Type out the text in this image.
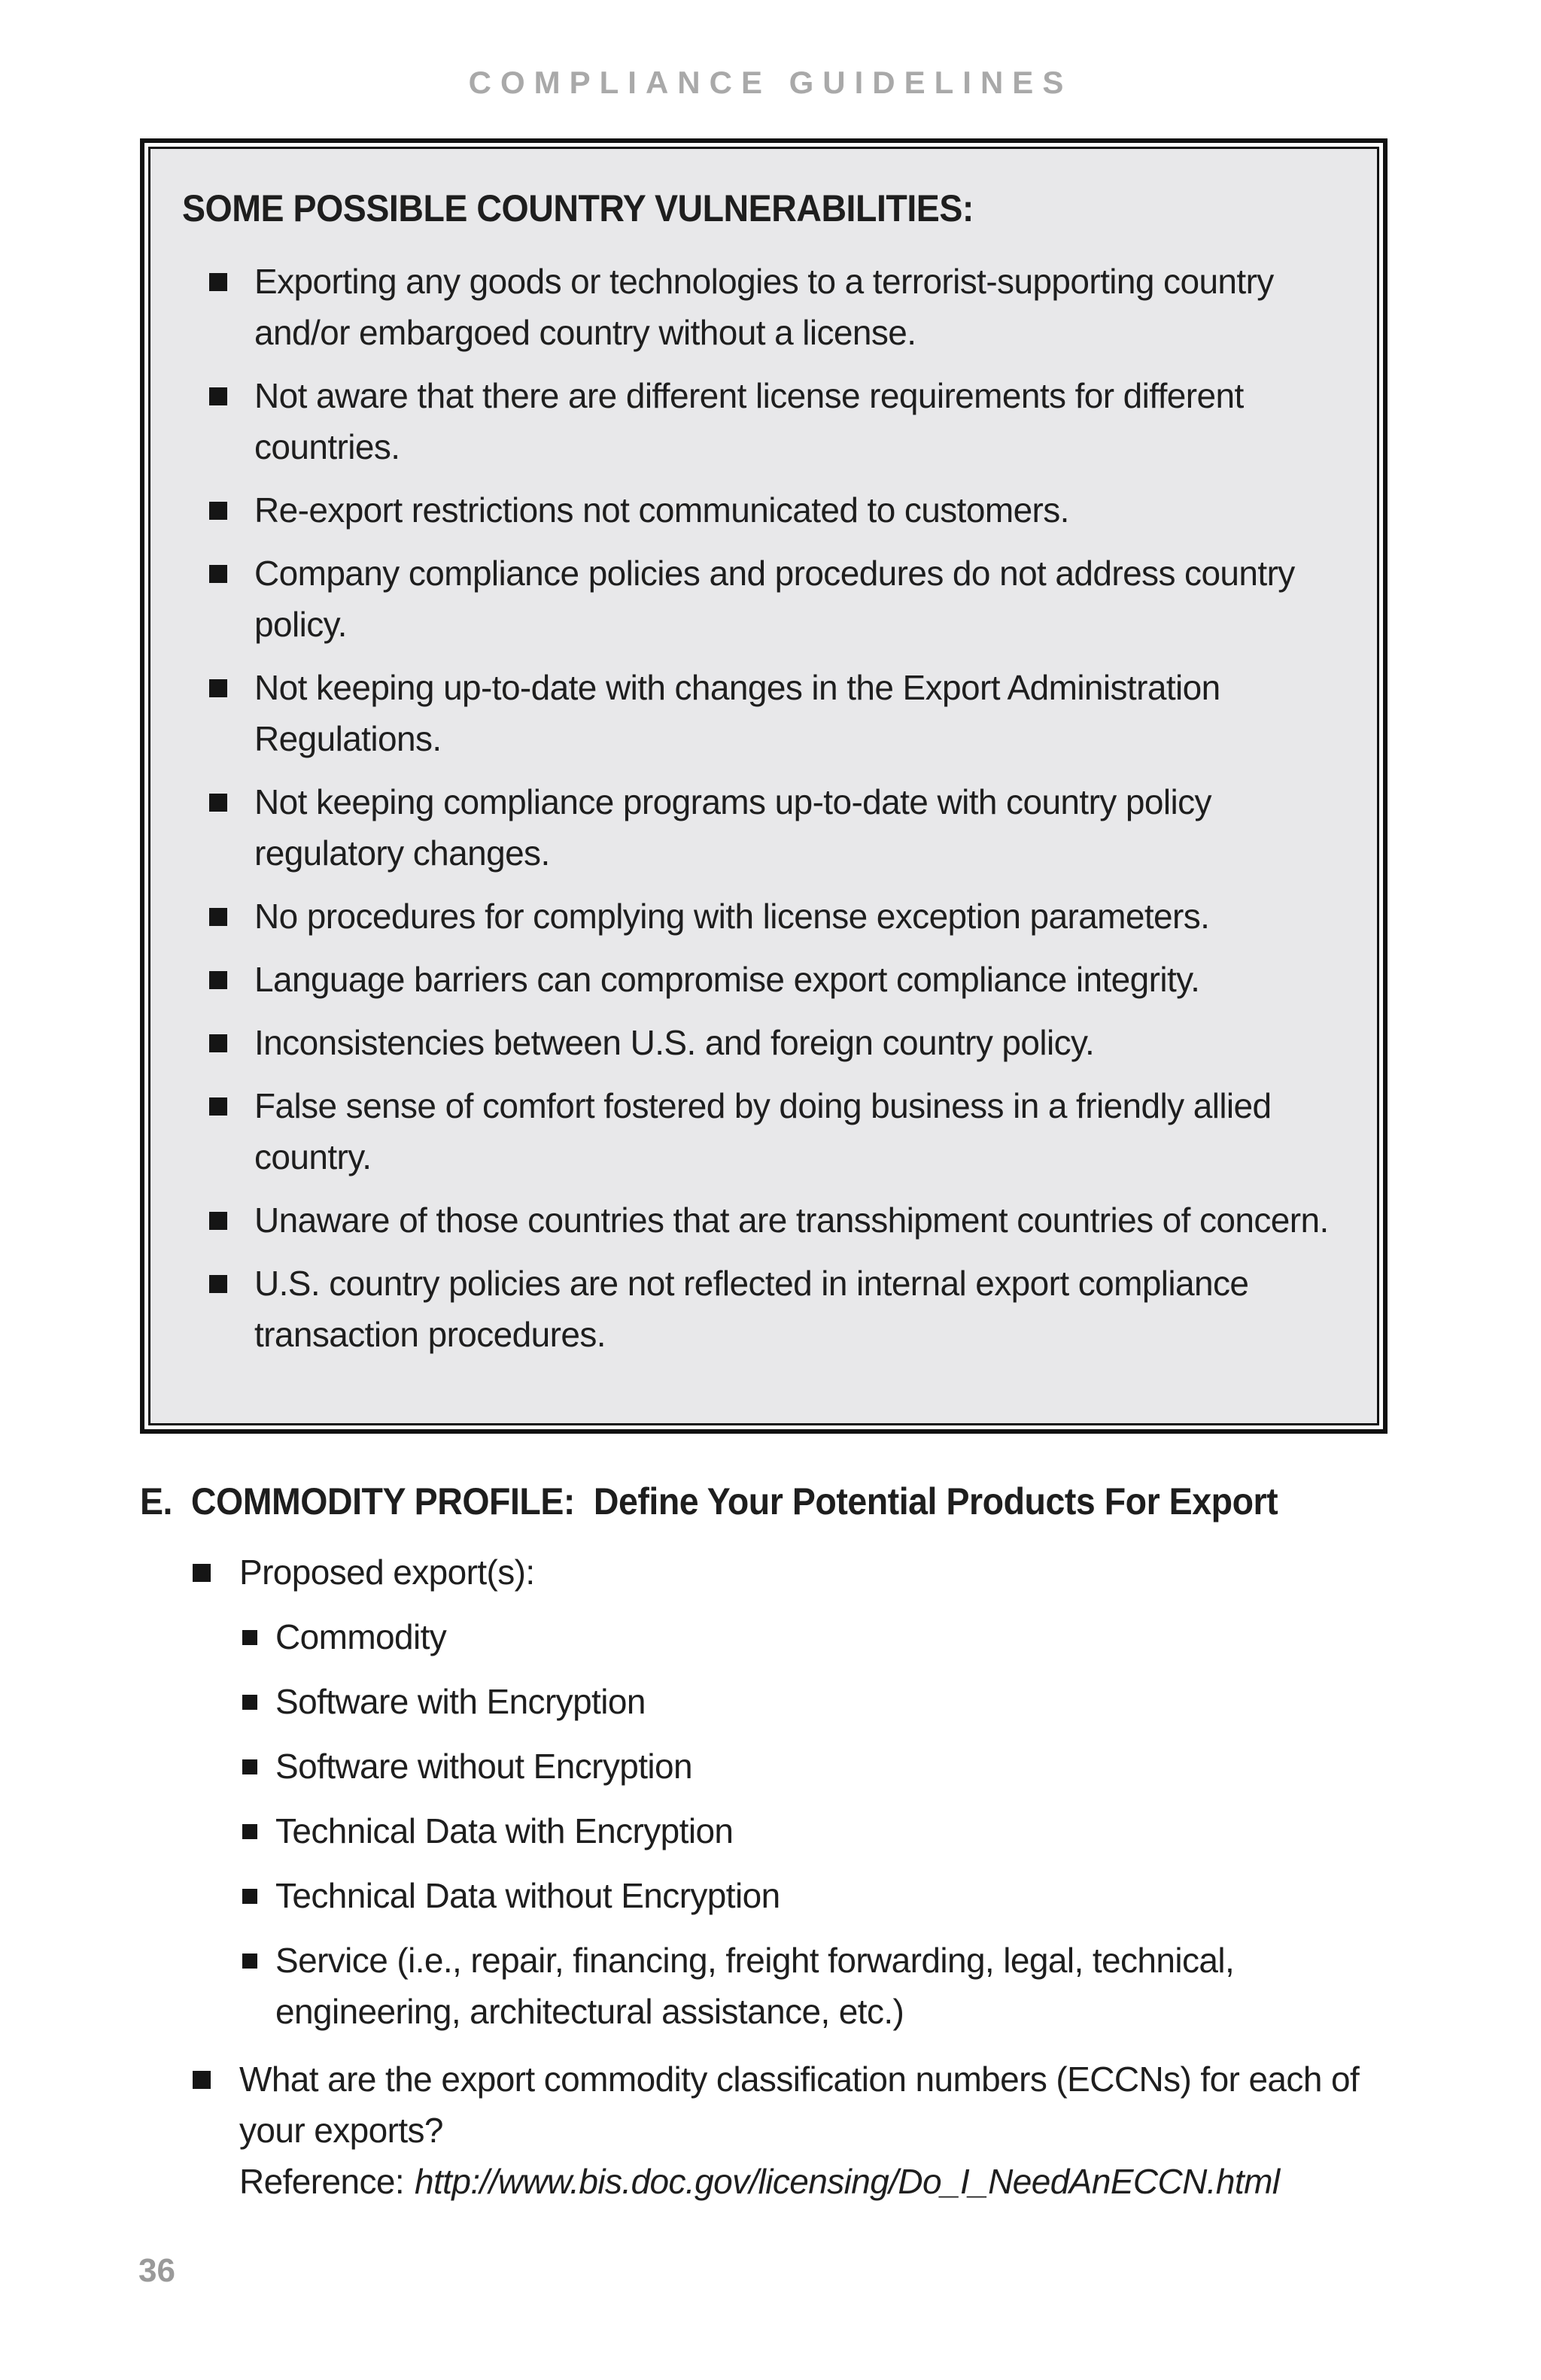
COMPLIANCE GUIDELINES
SOME POSSIBLE COUNTRY VULNERABILITIES:
Exporting any goods or technologies to a terrorist-supporting country and/or embargoed country without a license.
Not aware that there are different license requirements for different countries.
Re-export restrictions not communicated to customers.
Company compliance policies and procedures do not address country policy.
Not keeping up-to-date with changes in the Export Administration Regulations.
Not keeping compliance programs up-to-date with country policy regulatory changes.
No procedures for complying with license exception parameters.
Language barriers can compromise export compliance integrity.
Inconsistencies between U.S. and foreign country policy.
False sense of comfort fostered by doing business in a friendly allied country.
Unaware of those countries that are transshipment countries of concern.
U.S. country policies are not reflected in internal export compliance transaction procedures.
E.  COMMODITY PROFILE:  Define Your Potential Products For Export
Proposed export(s):
Commodity
Software with Encryption
Software without Encryption
Technical Data with Encryption
Technical Data without Encryption
Service (i.e., repair, financing, freight forwarding, legal, technical, engineering, architectural assistance, etc.)
What are the export commodity classification numbers (ECCNs) for each of your exports?
Reference: http://www.bis.doc.gov/licensing/Do_I_NeedAnECCN.html
36
